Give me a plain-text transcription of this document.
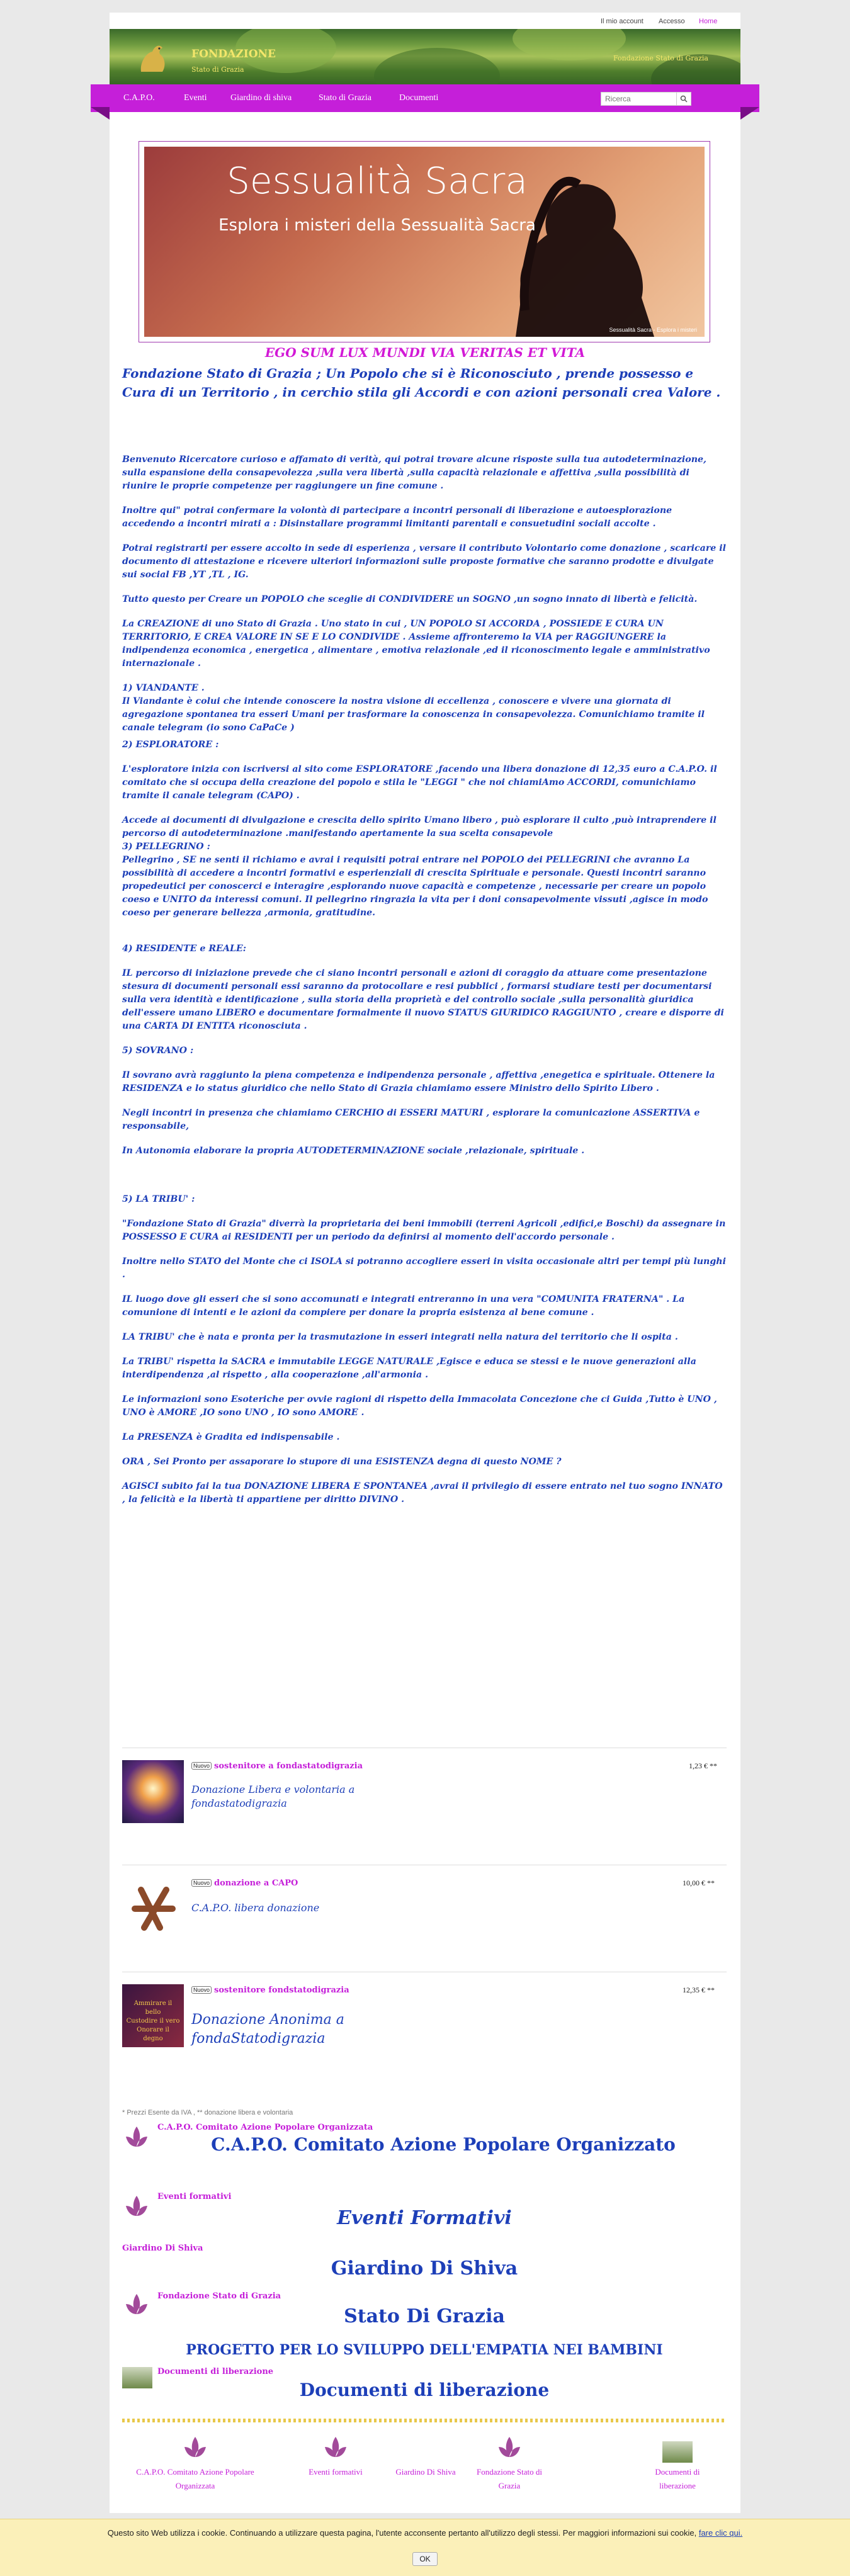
Il mio account Accesso Home
FONDAZIONE
Stato di Grazia
Fondazione Stato di Grazia
C.A.P.O.	Eventi	Giardino di shiva	Stato di Grazia	Documenti
Ricerca
Sessualità Sacra
Esplora i misteri della Sessualità Sacra
Sessualità Sacra - Esplora i misteri
EGO SUM LUX MUNDI VIA VERITAS ET VITA
Fondazione Stato di Grazia ; Un Popolo che si è Riconosciuto , prende possesso e Cura di un Territorio , in cerchio stila gli Accordi e con azioni personali crea Valore .

Benvenuto Ricercatore curioso e affamato di verità, qui potrai trovare alcune risposte sulla tua autodeterminazione, sulla espansione della consapevolezza ,sulla vera libertà ,sulla capacità relazionale e affettiva ,sulla possibilità di riunire le proprie competenze per raggiungere un fine comune .

Inoltre qui" potrai confermare la volontà di partecipare a incontri personali di liberazione e autoesplorazione accedendo a incontri mirati a : Disinstallare programmi limitanti parentali e consuetudini sociali accolte .

Potrai registrarti per essere accolto in sede di esperienza , versare il contributo Volontario come donazione , scaricare il documento di attestazione e ricevere ulteriori informazioni sulle proposte formative che saranno prodotte e divulgate sui social FB ,YT ,TL , IG.

Tutto questo per Creare un POPOLO che sceglie di CONDIVIDERE un SOGNO ,un sogno innato di libertà e felicità.

La CREAZIONE di uno Stato di Grazia . Uno stato in cui , UN POPOLO SI ACCORDA , POSSIEDE E CURA UN TERRITORIO, E CREA VALORE IN SE E LO CONDIVIDE . Assieme affronteremo la VIA per RAGGIUNGERE la indipendenza economica , energetica , alimentare , emotiva relazionale ,ed il riconoscimento legale e amministrativo internazionale .

1) VIANDANTE .
Il Viandante è colui che intende conoscere la nostra visione di eccellenza , conoscere e vivere una giornata di agregazione spontanea tra esseri Umani per trasformare la conoscenza in consapevolezza. Comunichiamo tramite il canale telegram (io sono CaPaCe )

2) ESPLORATORE :

L'esploratore inizia con iscriversi al sito come ESPLORATORE ,facendo una libera donazione di 12,35 euro a C.A.P.O. il comitato che si occupa della creazione del popolo e stila le "LEGGI " che noi chiamiAmo ACCORDI, comunichiamo tramite il canale telegram (CAPO) .

Accede ai documenti di divulgazione e crescita dello spirito Umano libero , può esplorare il culto ,può intraprendere il percorso di autodeterminazione .manifestando apertamente la sua scelta consapevole
3) PELLEGRINO :
Pellegrino , SE ne senti il richiamo e avrai i requisiti potrai entrare nel POPOLO dei PELLEGRINI che avranno La possibilità di accedere a incontri formativi e esperienziali di crescita Spirituale e personale. Questi incontri saranno propedeutici per conoscerci e interagire ,esplorando nuove capacità e competenze , necessarie per creare un popolo coeso e UNITO da interessi comuni. Il pellegrino ringrazia la vita per i doni consapevolmente vissuti ,agisce in modo coeso per generare bellezza ,armonia, gratitudine.

4) RESIDENTE e REALE:

IL percorso di iniziazione prevede che ci siano incontri personali e azioni di coraggio da attuare come presentazione stesura di documenti personali essi saranno da protocollare e resi pubblici , formarsi studiare testi per documentarsi sulla vera identità e identificazione , sulla storia della proprietà e del controllo sociale ,sulla personalità giuridica dell'essere umano LIBERO e documentare formalmente il nuovo STATUS GIURIDICO RAGGIUNTO , creare e disporre di una CARTA DI ENTITA riconosciuta .

5) SOVRANO :

Il sovrano avrà raggiunto la piena competenza e indipendenza personale , affettiva ,enegetica e spirituale. Ottenere la RESIDENZA e lo status giuridico che nello Stato di Grazia chiamiamo essere Ministro dello Spirito Libero .

Negli incontri in presenza che chiamiamo CERCHIO di ESSERI MATURI , esplorare la comunicazione ASSERTIVA e responsabile,

In Autonomia elaborare la propria AUTODETERMINAZIONE sociale ,relazionale, spirituale .

5) LA TRIBU' :

"Fondazione Stato di Grazia" diverrà la proprietaria dei beni immobili (terreni Agricoli ,edifici,e Boschi) da assegnare in POSSESSO E CURA ai RESIDENTI per un periodo da definirsi al momento dell'accordo personale .

Inoltre nello STATO del Monte che ci ISOLA si potranno accogliere esseri in visita occasionale altri per tempi più lunghi .

IL luogo dove gli esseri che si sono accomunati e integrati entreranno in una vera "COMUNITA FRATERNA" . La comunione di intenti e le azioni da compiere per donare la propria esistenza al bene comune .

LA TRIBU' che è nata e pronta per la trasmutazione in esseri integrati nella natura del territorio che li ospita .

La TRIBU' rispetta la SACRA e immutabile LEGGE NATURALE ,Egisce e educa se stessi e le nuove generazioni alla interdipendenza ,al rispetto , alla cooperazione ,all'armonia .

Le informazioni sono Esoteriche per ovvie ragioni di rispetto della Immacolata Concezione che ci Guida ,Tutto è UNO , UNO è AMORE ,IO sono UNO , IO sono AMORE .

La PRESENZA è Gradita ed indispensabile .

ORA , Sei Pronto per assaporare lo stupore di una ESISTENZA degna di questo NOME ?

AGISCI subito fai la tua DONAZIONE LIBERA E SPONTANEA ,avrai il privilegio di essere entrato nel tuo sogno INNATO , la felicità e la libertà ti appartiene per diritto DIVINO .

Nuovo sostenitore a fondastatodigrazia	1,23 € **
Donazione Libera e volontaria a fondastatodigrazia
Nuovo donazione a CAPO	10,00 € **
C.A.P.O. libera donazione
Ammirare il bello
Custodire il vero
Onorare il degno
Nuovo sostenitore fondstatodigrazia	12,35 € **
Donazione Anonima a fondaStatodigrazia
* Prezzi Esente da IVA , ** donazione libera e volontaria
C.A.P.O. Comitato Azione Popolare Organizzata
C.A.P.O. Comitato Azione Popolare Organizzato
Eventi formativi
Eventi Formativi
Giardino Di Shiva
Giardino Di Shiva
Fondazione Stato di Grazia
Stato Di Grazia
PROGETTO PER LO SVILUPPO DELL'EMPATIA NEI BAMBINI
Documenti di liberazione
Documenti di liberazione
C.A.P.O. Comitato Azione Popolare Organizzata
Eventi formativi	Giardino Di Shiva	Fondazione Stato di Grazia
Documenti di liberazione
Questo sito Web utilizza i cookie. Continuando a utilizzare questa pagina, l'utente acconsente pertanto all'utilizzo degli stessi. Per maggiori informazioni sui cookie, fare clic qui.
OK
